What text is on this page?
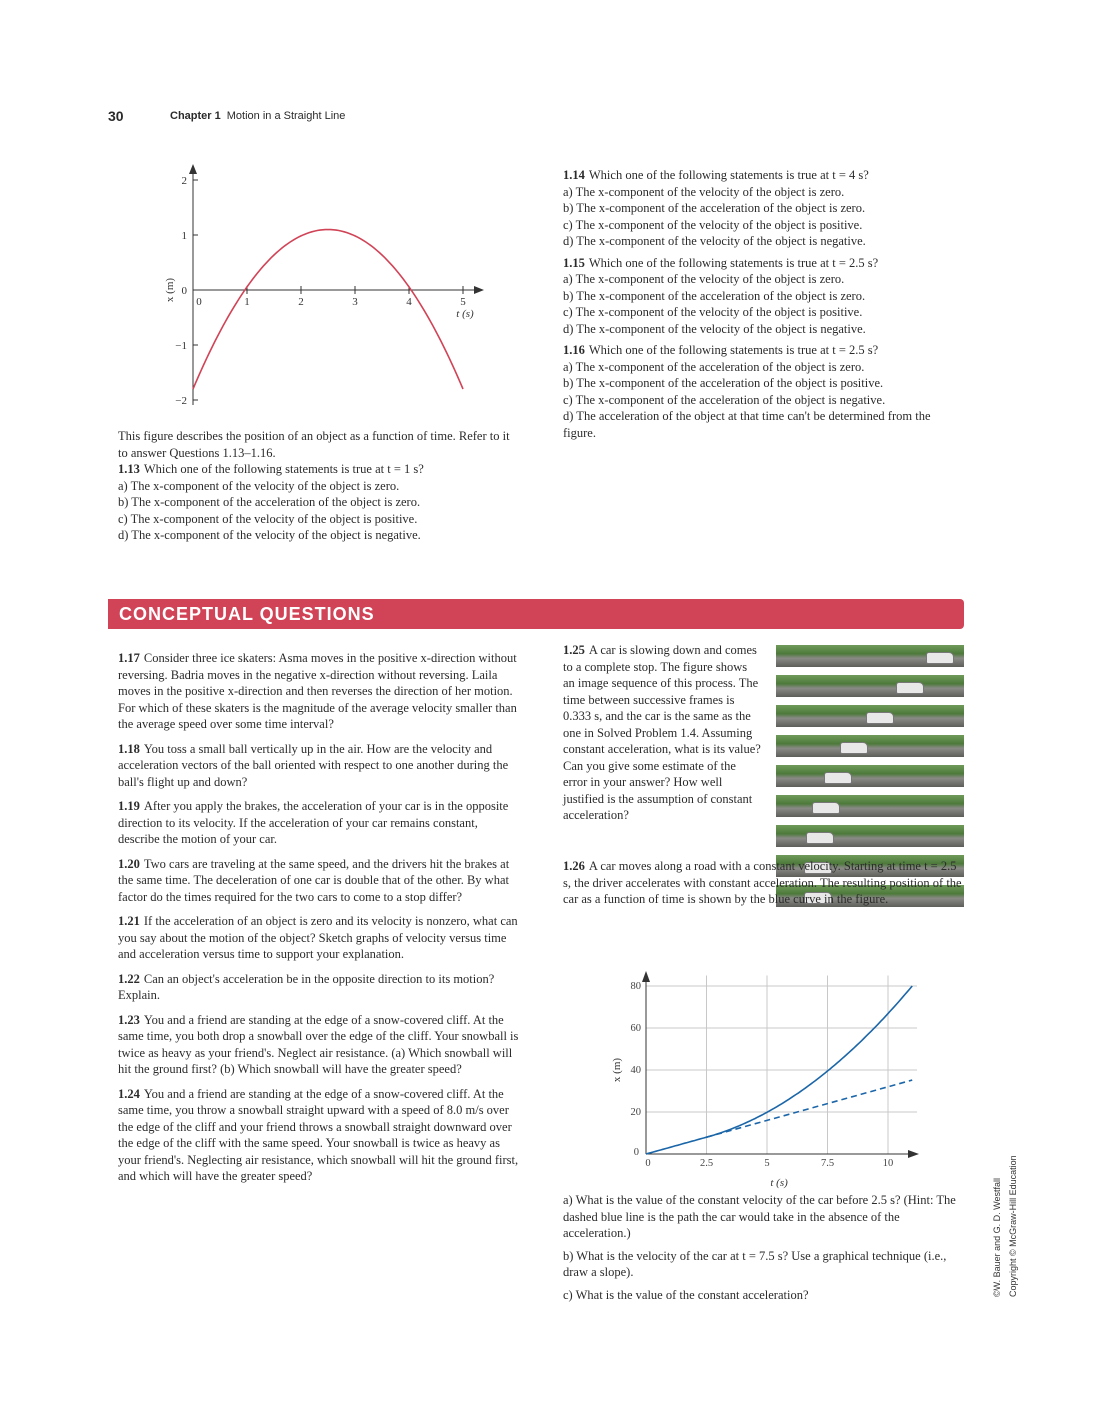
30	Chapter 1 Motion in a Straight Line
0	1	2	3	4	5
−2
−1
0
1
2
t (s)
x (m)

This figure describes the position of an object as a function of time. Refer to it to answer Questions 1.13–1.16.

1.13 Which one of the following statements is true at t = 1 s?

a) The x-component of the velocity of the object is zero.

b) The x-component of the acceleration of the object is zero.

c) The x-component of the velocity of the object is positive.

d) The x-component of the velocity of the object is negative.

1.14 Which one of the following statements is true at t = 4 s?

a) The x-component of the velocity of the object is zero.

b) The x-component of the acceleration of the object is zero.

c) The x-component of the velocity of the object is positive.

d) The x-component of the velocity of the object is negative.

1.15 Which one of the following statements is true at t = 2.5 s?

a) The x-component of the velocity of the object is zero.

b) The x-component of the acceleration of the object is zero.

c) The x-component of the velocity of the object is positive.

d) The x-component of the velocity of the object is negative.

1.16 Which one of the following statements is true at t = 2.5 s?

a) The x-component of the acceleration of the object is zero.

b) The x-component of the acceleration of the object is positive.

c) The x-component of the acceleration of the object is negative.

d) The acceleration of the object at that time can't be determined from the figure.

CONCEPTUAL QUESTIONS

1.17 Consider three ice skaters: Asma moves in the positive x-direction without reversing. Badria moves in the negative x-direction without reversing. Laila moves in the positive x-direction and then reverses the direction of her motion. For which of these skaters is the magnitude of the average velocity smaller than the average speed over some time interval?

1.18 You toss a small ball vertically up in the air. How are the velocity and acceleration vectors of the ball oriented with respect to one another during the ball's flight up and down?

1.19 After you apply the brakes, the acceleration of your car is in the opposite direction to its velocity. If the acceleration of your car remains constant, describe the motion of your car.

1.20 Two cars are traveling at the same speed, and the drivers hit the brakes at the same time. The deceleration of one car is double that of the other. By what factor do the times required for the two cars to come to a stop differ?

1.21 If the acceleration of an object is zero and its velocity is nonzero, what can you say about the motion of the object? Sketch graphs of velocity versus time and acceleration versus time to support your explanation.

1.22 Can an object's acceleration be in the opposite direction to its motion? Explain.

1.23 You and a friend are standing at the edge of a snow-covered cliff. At the same time, you both drop a snowball over the edge of the cliff. Your snowball is twice as heavy as your friend's. Neglect air resistance. (a) Which snowball will hit the ground first? (b) Which snowball will have the greater speed?

1.24 You and a friend are standing at the edge of a snow-covered cliff. At the same time, you throw a snowball straight upward with a speed of 8.0 m/s over the edge of the cliff and your friend throws a snowball straight downward over the edge of the cliff with the same speed. Your snowball is twice as heavy as your friend's. Neglecting air resistance, which snowball will hit the ground first, and which will have the greater speed?

1.25 A car is slowing down and comes to a complete stop. The figure shows an image sequence of this process. The time between successive frames is 0.333 s, and the car is the same as the one in Solved Problem 1.4. Assuming constant acceleration, what is its value? Can you give some estimate of the error in your answer? How well justified is the assumption of constant acceleration?

1.26 A car moves along a road with a constant velocity. Starting at time t = 2.5 s, the driver accelerates with constant acceleration. The resulting position of the car as a function of time is shown by the blue curve in the figure.

0	2.5	5	7.5	10
0
20
40
60
80
t (s)
x (m)

a) What is the value of the constant velocity of the car before 2.5 s? (Hint: The dashed blue line is the path the car would take in the absence of the acceleration.)

b) What is the velocity of the car at t = 7.5 s? Use a graphical technique (i.e., draw a slope).

c) What is the value of the constant acceleration?	©W. Bauer and G. D. Westfall Copyright © McGraw-Hill Education
